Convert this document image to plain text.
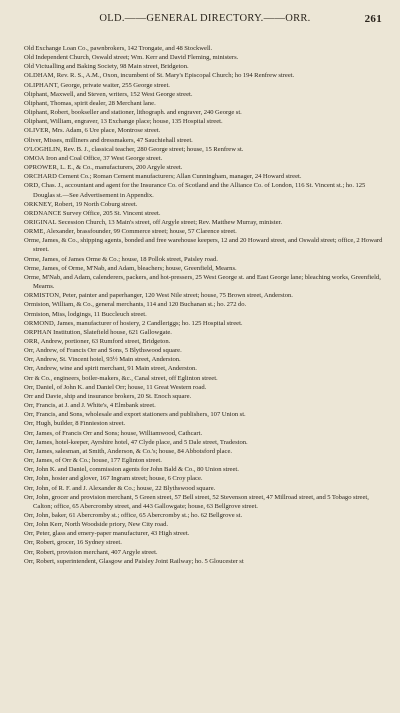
OLD.——GENERAL DIRECTORY.——ORR.	261
Old Exchange Loan Co., pawnbrokers, 142 Trongate, and 48 Stockwell.
Old Independent Church, Oswald street; Wm. Kerr and David Fleming, ministers.
Old Victualling and Baking Society, 98 Main street, Bridgeton.
OLDHAM, Rev. R. S., A.M., Oxon, incumbent of St. Mary's Episcopal Church; ho 194 Renfrew street.
OLIPHANT, George, private waiter, 255 George street.
Oliphant, Maxwell, and Steven, writers, 152 West George street.
Oliphant, Thomas, spirit dealer, 28 Merchant lane.
Oliphant, Robert, bookseller and stationer, lithograph. and engraver, 240 George st.
Oliphant, William, engraver, 13 Exchange place; house, 135 Hospital street.
OLIVER, Mrs. Adam, 6 Ure place, Montrose street.
Oliver, Misses, milliners and dressmakers, 47 Sauchiehall street.
O'LOGHLIN, Rev. B. J., classical teacher, 280 George street; house, 15 Renfrew st.
OMOA Iron and Coal Office, 37 West George street.
OPROWER, L. E., & Co., manufacturers, 200 Argyle street.
ORCHARD Cement Co.; Roman Cement manufacturers; Allan Cunningham, manager, 24 Howard street.
ORD, Chas. J., accountant and agent for the Insurance Co. of Scotland and the Alliance Co. of London, 116 St. Vincent st.; ho. 125 Douglas st.—See Advertisement in Appendix.
ORKNEY, Robert, 19 North Coburg street.
ORDNANCE Survey Office, 205 St. Vincent street.
ORIGINAL Secession Church, 13 Main's street, off Argyle street; Rev. Matthew Murray, minister.
ORME, Alexander, brassfounder, 99 Commerce street; house, 57 Clarence street.
Orme, James, & Co., shipping agents, bonded and free warehouse keepers, 12 and 20 Howard street, and Oswald street; office, 2 Howard street.
Orme, James, of James Orme & Co.; house, 18 Pollok street, Paisley road.
Orme, James, of Orme, M'Nab, and Adam, bleachers; house, Greenfield, Mearns.
Orme, M'Nab, and Adam, calenderers, packers, and hot-pressers, 25 West George st. and East George lane; bleaching works, Greenfield, Mearns.
ORMISTON, Peter, painter and paperhanger, 120 West Nile street; house, 75 Brown street, Anderston.
Ormiston, William, & Co., general merchants, 114 and 120 Buchanan st.; ho. 272 do.
Ormiston, Miss, lodgings, 11 Buccleuch street.
ORMOND, James, manufacturer of hosiery, 2 Candleriggs; ho. 125 Hospital street.
ORPHAN Institution, Slatefield house, 621 Gallowgate.
ORR, Andrew, portioner, 63 Rumford street, Bridgeton.
Orr, Andrew, of Francis Orr and Sons, 5 Blythswood square.
Orr, Andrew, St. Vincent hotel, 93½ Main street, Anderston.
Orr, Andrew, wine and spirit merchant, 91 Main street, Anderston.
Orr & Co., engineers, boiler-makers, &c., Canal street, off Eglinton street.
Orr, Daniel, of John K. and Daniel Orr; house, 11 Great Western road.
Orr and Davie, ship and insurance brokers, 20 St. Enoch square.
Orr, Francis, at J. and J. White's, 4 Elmbank street.
Orr, Francis, and Sons, wholesale and export stationers and publishers, 107 Union st.
Orr, Hugh, builder, 8 Finnieston street.
Orr, James, of Francis Orr and Sons; house, Williamwood, Cathcart.
Orr, James, hotel-keeper, Ayrshire hotel, 47 Clyde place, and 5 Dale street, Tradeston.
Orr, James, salesman, at Smith, Anderson, & Co.'s; house, 84 Abbotsford place.
Orr, James, of Orr & Co.; house, 177 Eglinton street.
Orr, John K. and Daniel, commission agents for John Bald & Co., 80 Union street.
Orr, John, hosier and glover, 167 Ingram street; house, 6 Croy place.
Orr, John, of R. F. and J. Alexander & Co.; house, 22 Blythswood square.
Orr, John, grocer and provision merchant, 5 Green street, 57 Bell street, 52 Stevenson street, 47 Millroad street, and 5 Tobago street, Calton; office, 65 Abercromby street, and 443 Gallowgate; house, 63 Bellgrove street.
Orr, John, baker, 61 Abercromby st.; office, 65 Abercromby st.; ho. 62 Bellgrove st.
Orr, John Kerr, North Woodside priory, New City road.
Orr, Peter, glass and emery-paper manufacturer, 43 High street.
Orr, Robert, grocer, 16 Sydney street.
Orr, Robert, provision merchant, 407 Argyle street.
Orr, Robert, superintendent, Glasgow and Paisley Joint Railway; ho. 5 Gloucester st
